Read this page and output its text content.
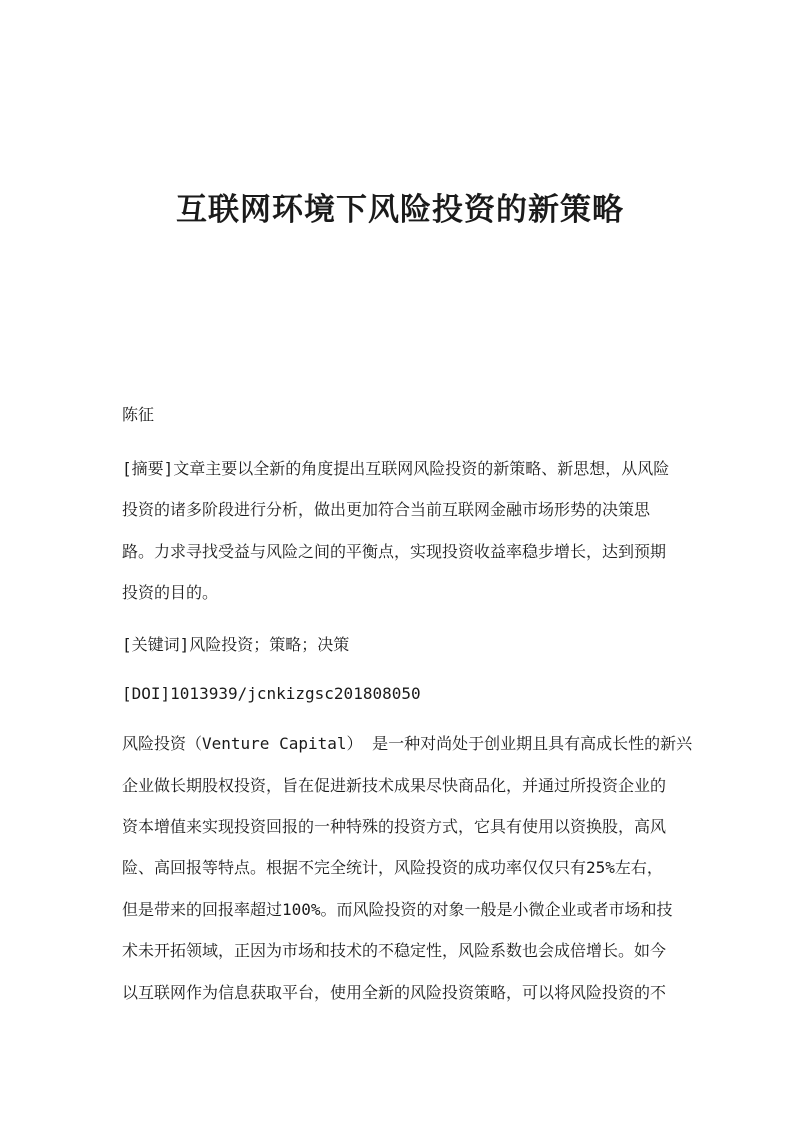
互联网环境下风险投资的新策略

陈征

[摘要]文章主要以全新的角度提出互联网风险投资的新策略、新思想，从风险

投资的诸多阶段进行分析，做出更加符合当前互联网金融市场形势的决策思

路。力求寻找受益与风险之间的平衡点，实现投资收益率稳步增长，达到预期

投资的目的。

[关键词]风险投资；策略；决策

[DOI]1013939/jcnkizgsc201808050

风险投资（Venture Capital） 是一种对尚处于创业期且具有高成长性的新兴

企业做长期股权投资，旨在促进新技术成果尽快商品化，并通过所投资企业的

资本增值来实现投资回报的一种特殊的投资方式，它具有使用以资换股，高风

险、高回报等特点。根据不完全统计，风险投资的成功率仅仅只有25%左右，

但是带来的回报率超过100%。而风险投资的对象一般是小微企业或者市场和技

术未开拓领域，正因为市场和技术的不稳定性，风险系数也会成倍增长。如今

以互联网作为信息获取平台，使用全新的风险投资策略，可以将风险投资的不
